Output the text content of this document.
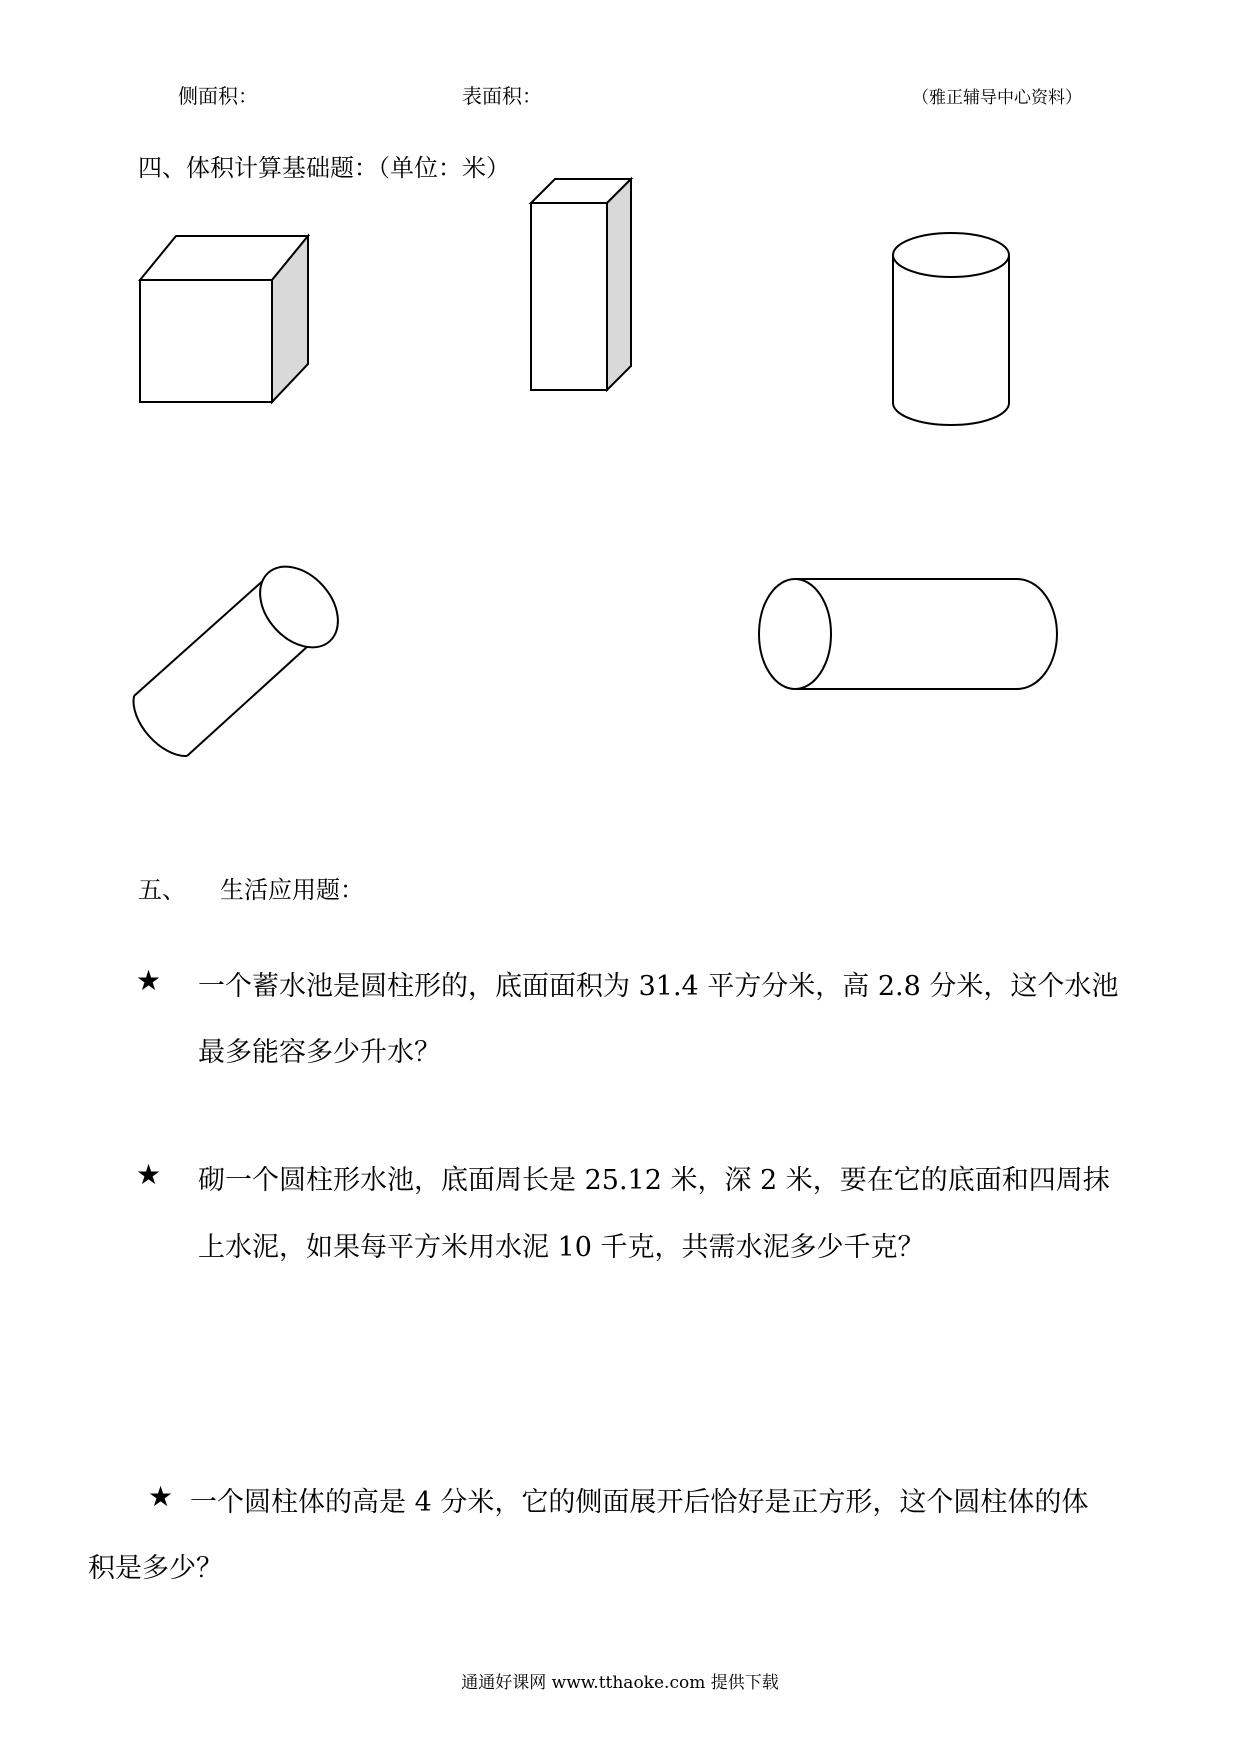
侧面积：	表面积：	（雅正辅导中心资料）
四、体积计算基础题：（单位：米）
五、 生活应用题：
★ 一个蓄水池是圆柱形的，底面面积为 31.4 平方分米，高 2.8 分米，这个水池
最多能容多少升水？
★ 砌一个圆柱形水池，底面周长是 25.12 米，深 2 米，要在它的底面和四周抹
上水泥，如果每平方米用水泥 10 千克，共需水泥多少千克？
★ 一个圆柱体的高是 4 分米，它的侧面展开后恰好是正方形，这个圆柱体的体
积是多少？
通通好课网 www.tthaoke.com 提供下载
